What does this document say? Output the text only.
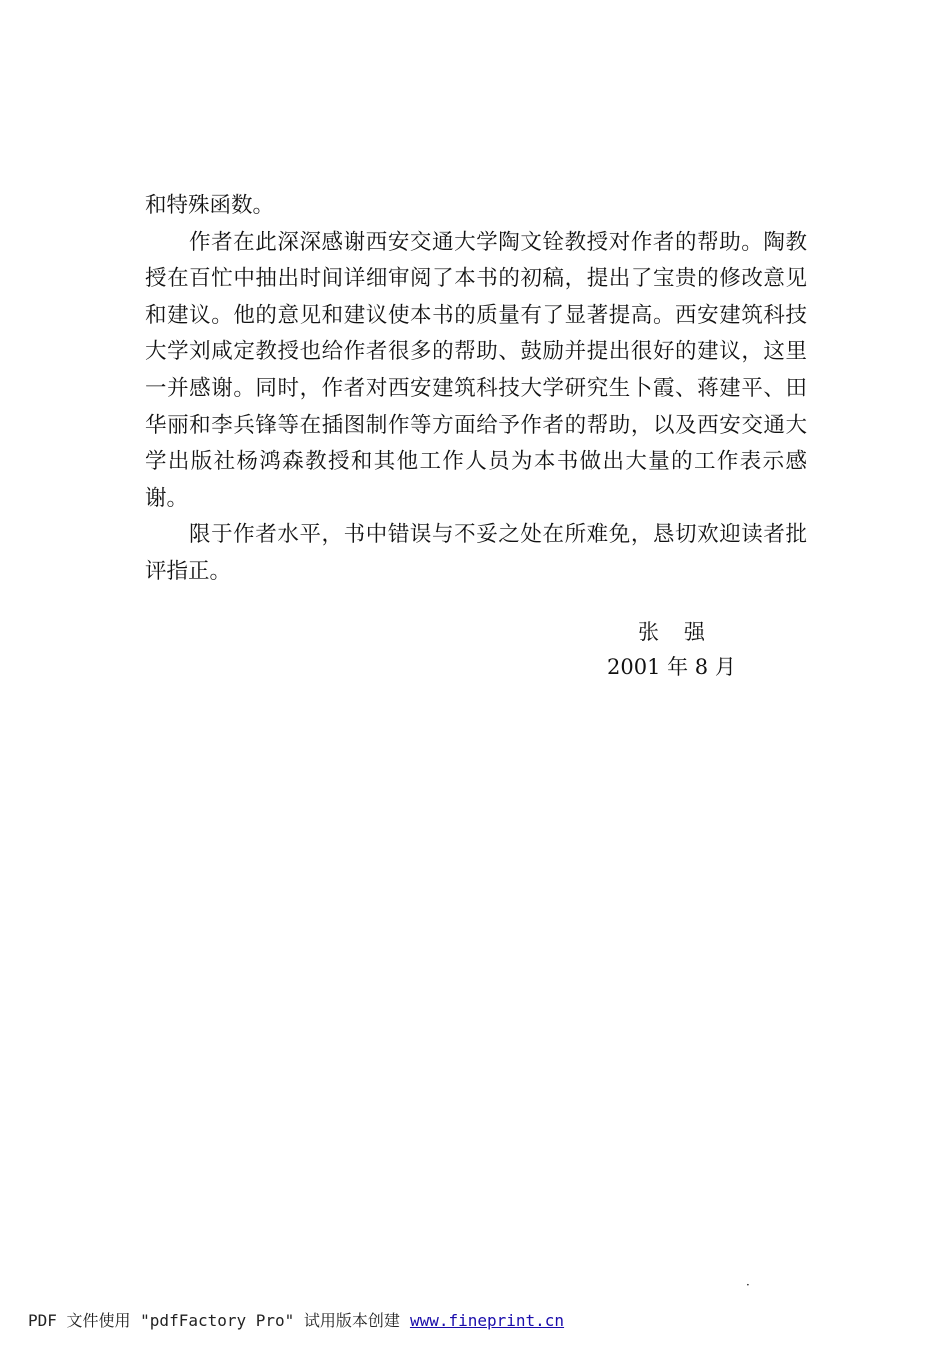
和特殊函数。

作者在此深深感谢西安交通大学陶文铨教授对作者的帮助。陶教授在百忙中抽出时间详细审阅了本书的初稿，提出了宝贵的修改意见和建议。他的意见和建议使本书的质量有了显著提高。西安建筑科技大学刘咸定教授也给作者很多的帮助、鼓励并提出很好的建议，这里一并感谢。同时，作者对西安建筑科技大学研究生卜霞、蒋建平、田华丽和李兵锋等在插图制作等方面给予作者的帮助，以及西安交通大学出版社杨鸿森教授和其他工作人员为本书做出大量的工作表示感谢。

限于作者水平，书中错误与不妥之处在所难免，恳切欢迎读者批评指正。

张强
2001 年 8 月
·
PDF 文件使用 "pdfFactory Pro" 试用版本创建 www.fineprint.cn
